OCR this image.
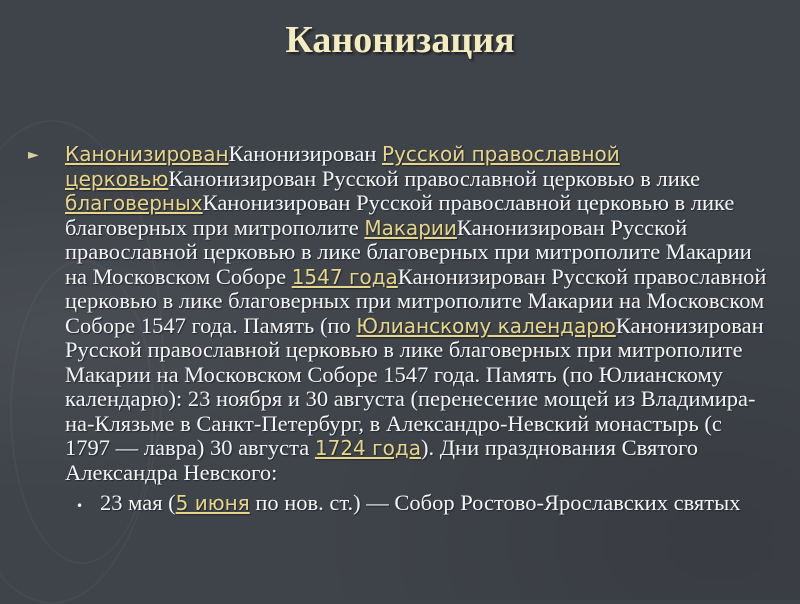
Канонизация
► КанонизированКанонизирован Русской православной церковьюКанонизирован Русской православной церковью в лике благоверныхКанонизирован Русской православной церковью в лике благоверных при митрополите МакарииКанонизирован Русской православной церковью в лике благоверных при митрополите Макарии на Московском Соборе 1547 годаКанонизирован Русской православной церковью в лике благоверных при митрополите Макарии на Московском Соборе 1547 года. Память (по Юлианскому календарюКанонизирован Русской православной церковью в лике благоверных при митрополите Макарии на Московском Соборе 1547 года. Память (по Юлианскому календарю): 23 ноября и 30 августа (перенесение мощей из Владимира-на-Клязьме в Санкт-Петербург, в Александро-Невский монастырь (с 1797 — лавра) 30 августа 1724 года). Дни празднования Святого Александра Невского:
• 23 мая (5 июня по нов. ст.) — Собор Ростово-Ярославских святых
